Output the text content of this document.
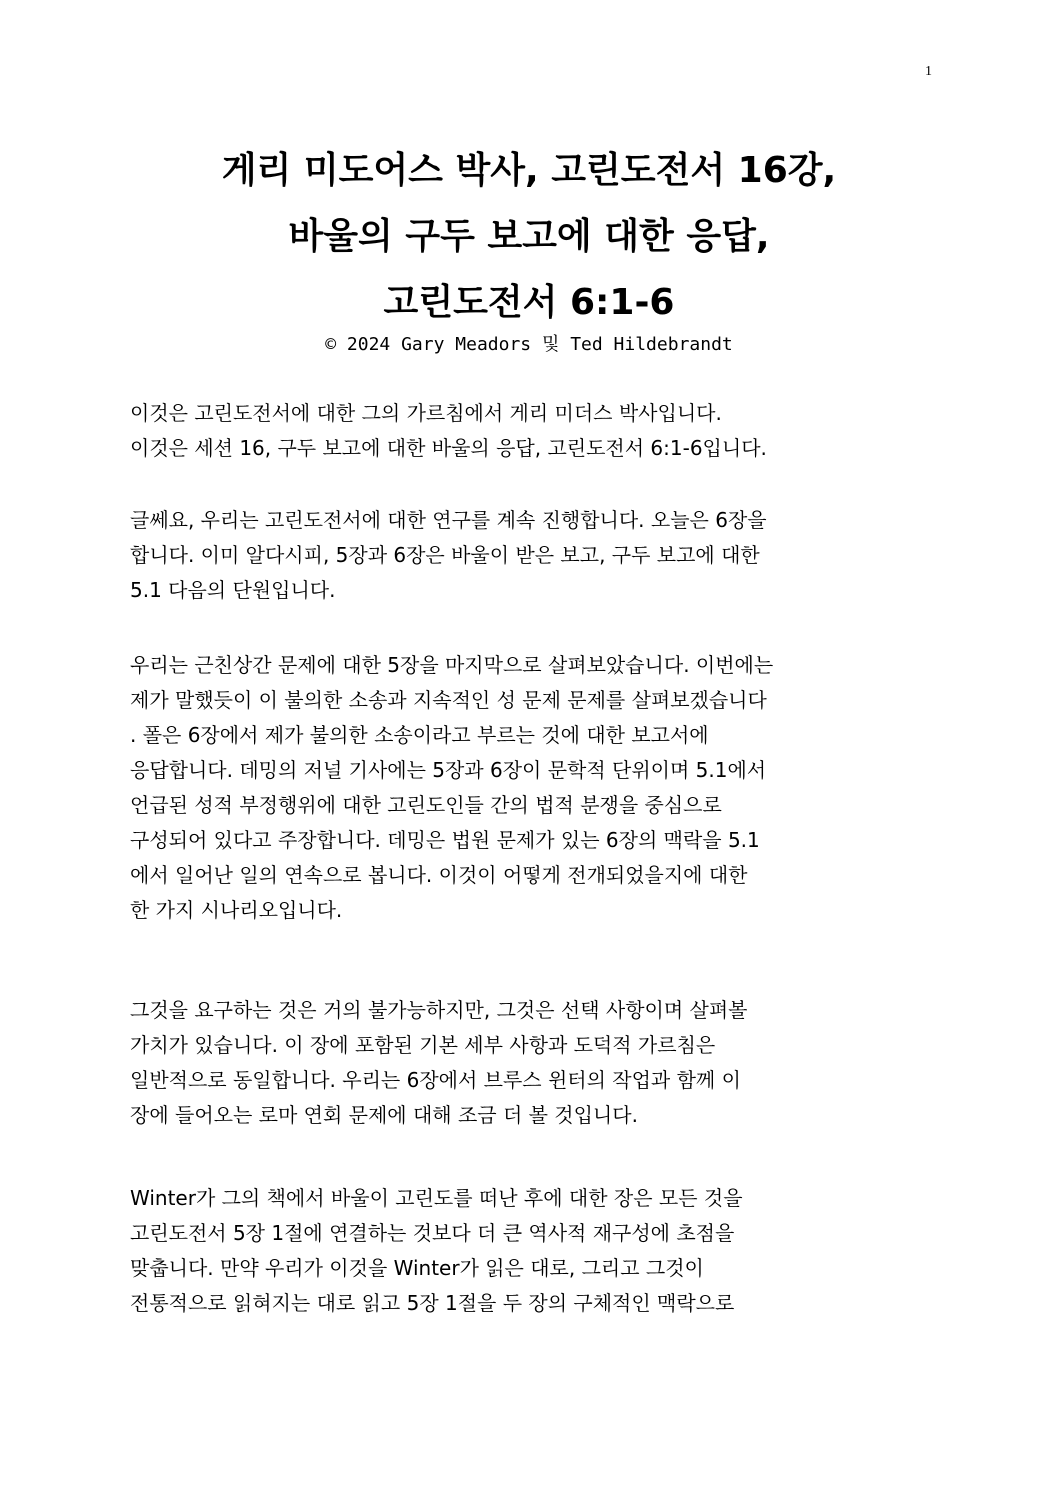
1
게리 미도어스 박사, 고린도전서 16강,
바울의 구두 보고에 대한 응답,
고린도전서 6:1-6
© 2024 Gary Meadors 및 Ted Hildebrandt
이것은 고린도전서에 대한 그의 가르침에서 게리 미더스 박사입니다.
이것은 세션 16, 구두 보고에 대한 바울의 응답, 고린도전서 6:1-6입니다.
글쎄요, 우리는 고린도전서에 대한 연구를 계속 진행합니다. 오늘은 6장을
합니다. 이미 알다시피, 5장과 6장은 바울이 받은 보고, 구두 보고에 대한
5.1 다음의 단원입니다.
우리는 근친상간 문제에 대한 5장을 마지막으로 살펴보았습니다. 이번에는
제가 말했듯이 이 불의한 소송과 지속적인 성 문제 문제를 살펴보겠습니다
. 폴은 6장에서 제가 불의한 소송이라고 부르는 것에 대한 보고서에
응답합니다. 데밍의 저널 기사에는 5장과 6장이 문학적 단위이며 5.1에서
언급된 성적 부정행위에 대한 고린도인들 간의 법적 분쟁을 중심으로
구성되어 있다고 주장합니다. 데밍은 법원 문제가 있는 6장의 맥락을 5.1
에서 일어난 일의 연속으로 봅니다. 이것이 어떻게 전개되었을지에 대한
한 가지 시나리오입니다.
그것을 요구하는 것은 거의 불가능하지만, 그것은 선택 사항이며 살펴볼
가치가 있습니다. 이 장에 포함된 기본 세부 사항과 도덕적 가르침은
일반적으로 동일합니다. 우리는 6장에서 브루스 윈터의 작업과 함께 이
장에 들어오는 로마 연회 문제에 대해 조금 더 볼 것입니다.
Winter가 그의 책에서 바울이 고린도를 떠난 후에 대한 장은 모든 것을
고린도전서 5장 1절에 연결하는 것보다 더 큰 역사적 재구성에 초점을
맞춥니다. 만약 우리가 이것을 Winter가 읽은 대로, 그리고 그것이
전통적으로 읽혀지는 대로 읽고 5장 1절을 두 장의 구체적인 맥락으로
